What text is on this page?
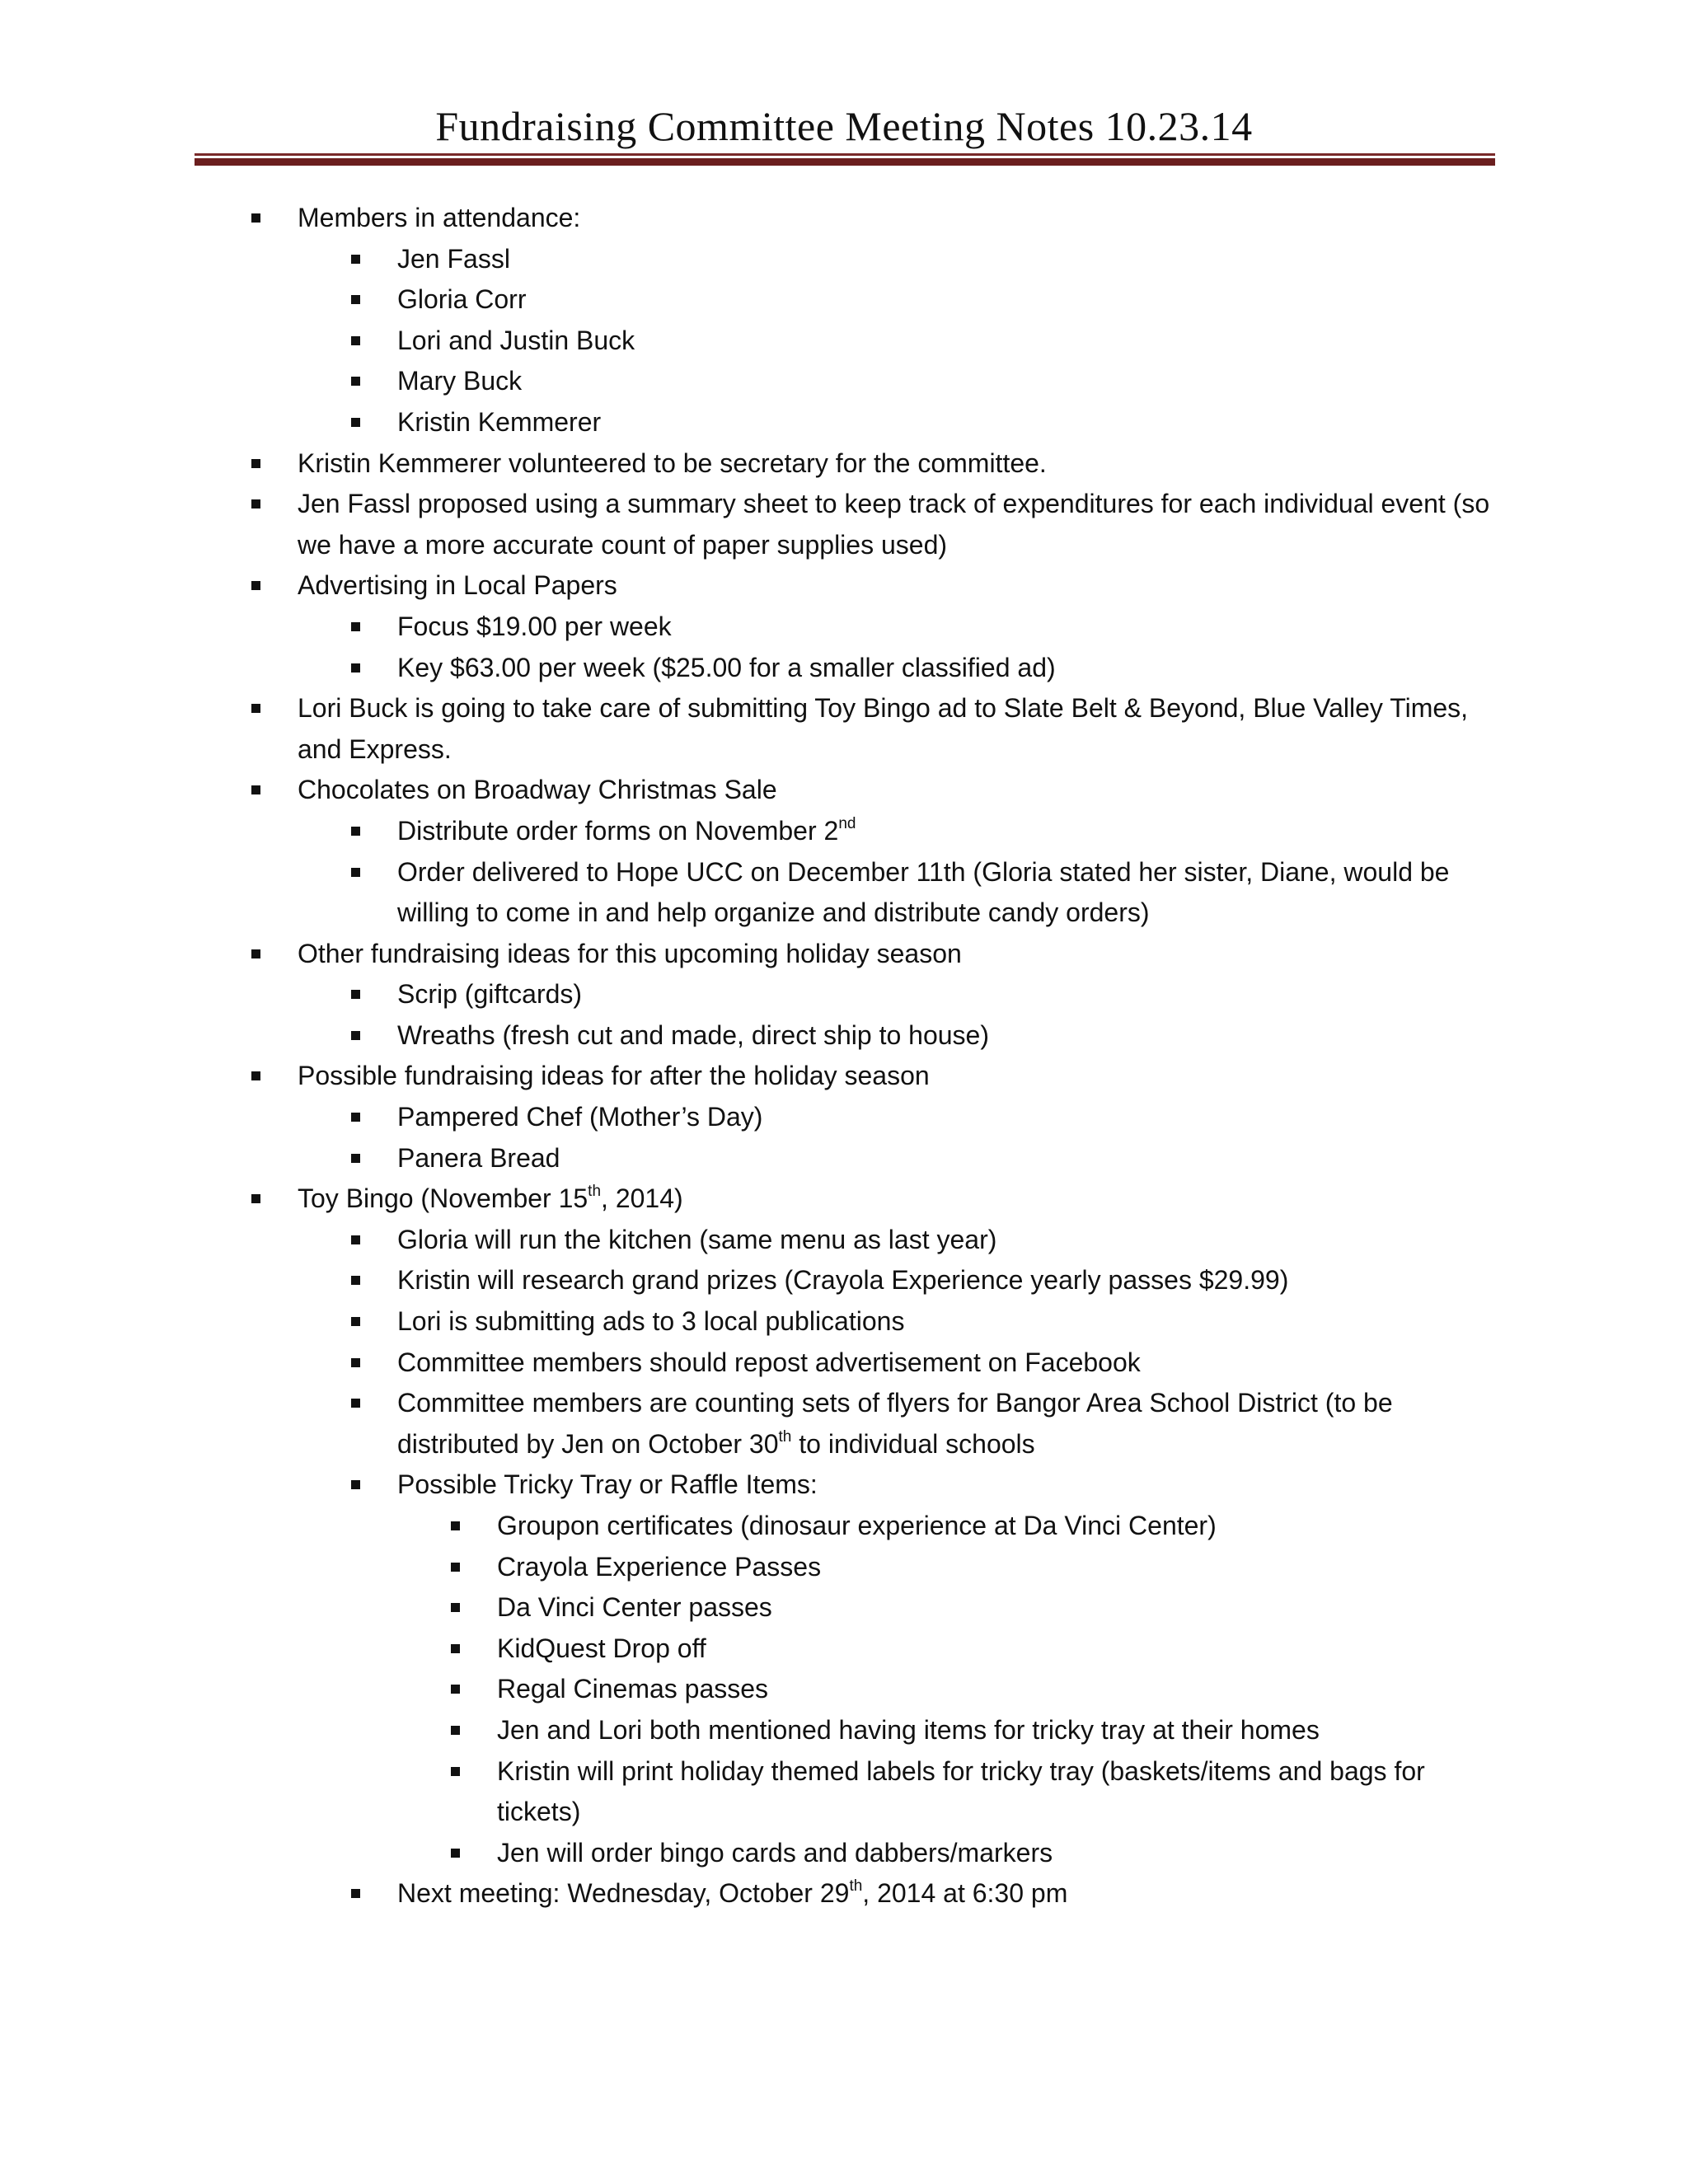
Fundraising Committee Meeting Notes 10.23.14
Members in attendance:
Jen Fassl
Gloria Corr
Lori and Justin Buck
Mary Buck
Kristin Kemmerer
Kristin Kemmerer volunteered to be secretary for the committee.
Jen Fassl proposed using a summary sheet to keep track of expenditures for each individual event (so we have a more accurate count of paper supplies used)
Advertising in Local Papers
Focus $19.00 per week
Key $63.00 per week ($25.00 for a smaller classified ad)
Lori Buck is going to take care of submitting Toy Bingo ad to Slate Belt & Beyond, Blue Valley Times, and Express.
Chocolates on Broadway Christmas Sale
Distribute order forms on November 2nd
Order delivered to Hope UCC on December 11th (Gloria stated her sister, Diane, would be willing to come in and help organize and distribute candy orders)
Other fundraising ideas for this upcoming holiday season
Scrip (giftcards)
Wreaths (fresh cut and made, direct ship to house)
Possible fundraising ideas for after the holiday season
Pampered Chef (Mother’s Day)
Panera Bread
Toy Bingo (November 15th, 2014)
Gloria will run the kitchen (same menu as last year)
Kristin will research grand prizes (Crayola Experience yearly passes $29.99)
Lori is submitting ads to 3 local publications
Committee members should repost advertisement on Facebook
Committee members are counting sets of flyers for Bangor Area School District (to be distributed by Jen on October 30th to individual schools
Possible Tricky Tray or Raffle Items:
Groupon certificates (dinosaur experience at Da Vinci Center)
Crayola Experience Passes
Da Vinci Center passes
KidQuest Drop off
Regal Cinemas passes
Jen and Lori both mentioned having items for tricky tray at their homes
Kristin will print holiday themed labels for tricky tray (baskets/items and bags for tickets)
Jen will order bingo cards and dabbers/markers
Next meeting: Wednesday, October 29th, 2014 at 6:30 pm
